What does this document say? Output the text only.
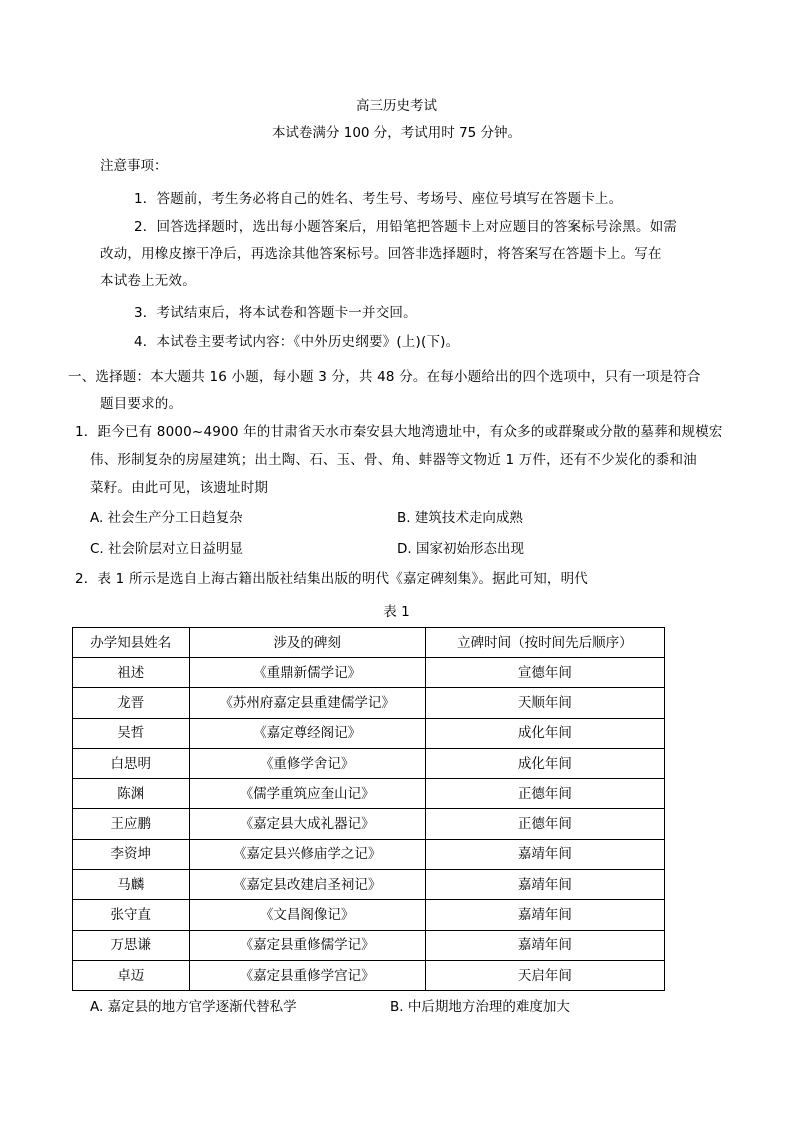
高三历史考试
本试卷满分 100 分，考试用时 75 分钟。
注意事项：
1．答题前，考生务必将自己的姓名、考生号、考场号、座位号填写在答题卡上。
2．回答选择题时，选出每小题答案后，用铅笔把答题卡上对应题目的答案标号涂黑。如需
改动，用橡皮擦干净后，再选涂其他答案标号。回答非选择题时，将答案写在答题卡上。写在
本试卷上无效。
3．考试结束后，将本试卷和答题卡一并交回。
4．本试卷主要考试内容：《中外历史纲要》(上)(下)。
一、选择题：本大题共 16 小题，每小题 3 分，共 48 分。在每小题给出的四个选项中，只有一项是符合
题目要求的。
1．距今已有 8000~4900 年的甘肃省天水市秦安县大地湾遗址中，有众多的或群聚或分散的墓葬和规模宏
伟、形制复杂的房屋建筑；出土陶、石、玉、骨、角、蚌器等文物近 1 万件，还有不少炭化的黍和油
菜籽。由此可见，该遗址时期
A. 社会生产分工日趋复杂	B. 建筑技术走向成熟
C. 社会阶层对立日益明显	D. 国家初始形态出现
2．表 1 所示是选自上海古籍出版社结集出版的明代《嘉定碑刻集》。据此可知，明代
表 1
办学知县姓名	涉及的碑刻	立碑时间（按时间先后顺序）
祖述	《重鼎新儒学记》	宣德年间
龙晋	《苏州府嘉定县重建儒学记》	天顺年间
吴哲	《嘉定尊经阁记》	成化年间
白思明	《重修学舍记》	成化年间
陈渊	《儒学重筑应奎山记》	正德年间
王应鹏	《嘉定县大成礼器记》	正德年间
李资坤	《嘉定县兴修庙学之记》	嘉靖年间
马麟	《嘉定县改建启圣祠记》	嘉靖年间
张守直	《文昌阁像记》	嘉靖年间
万思谦	《嘉定县重修儒学记》	嘉靖年间
卓迈	《嘉定县重修学宫记》	天启年间
A. 嘉定县的地方官学逐渐代替私学	B. 中后期地方治理的难度加大
